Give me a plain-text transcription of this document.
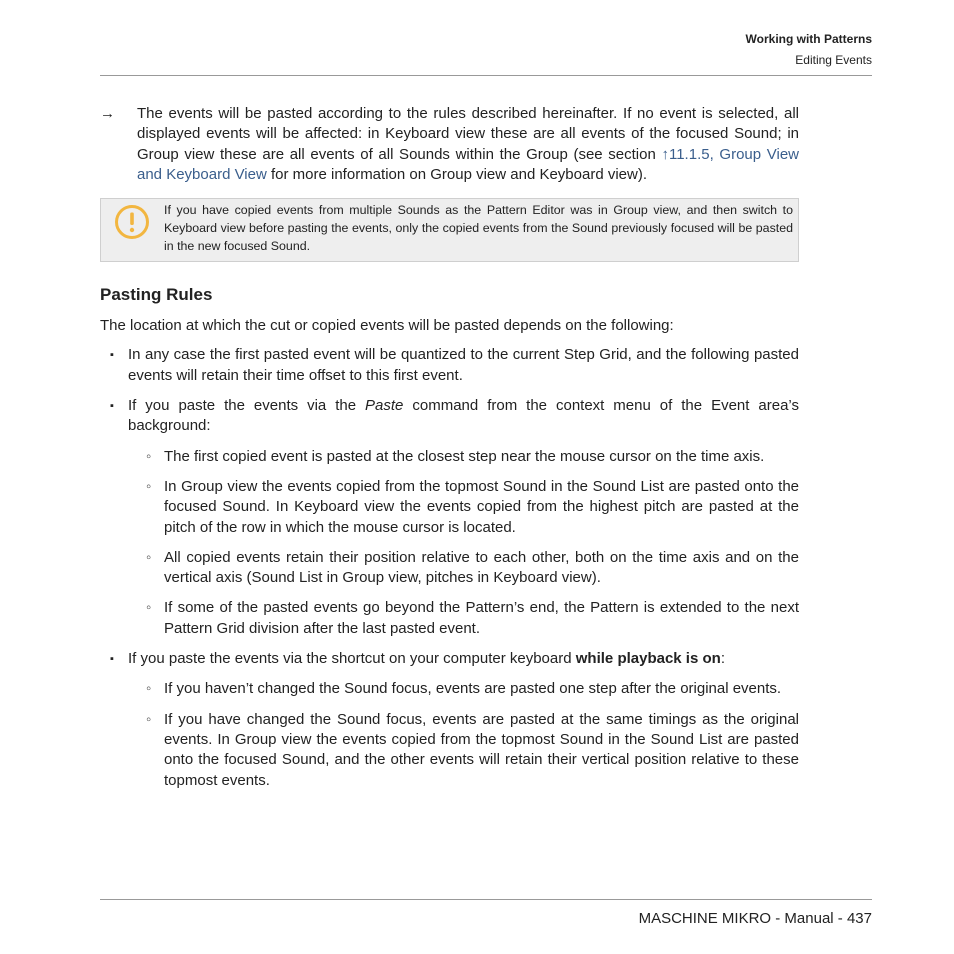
Working with Patterns
Editing Events
→ The events will be pasted according to the rules described hereinafter. If no event is selected, all displayed events will be affected: in Keyboard view these are all events of the focused Sound; in Group view these are all events of all Sounds within the Group (see section ↑11.1.5, Group View and Keyboard View for more information on Group view and Keyboard view).
If you have copied events from multiple Sounds as the Pattern Editor was in Group view, and then switch to Keyboard view before pasting the events, only the copied events from the Sound previously focused will be pasted in the new focused Sound.
Pasting Rules

The location at which the cut or copied events will be pasted depends on the following:

▪ In any case the first pasted event will be quantized to the current Step Grid, and the following pasted events will retain their time offset to this first event.
▪ If you paste the events via the Paste command from the context menu of the Event area’s background:
◦ The first copied event is pasted at the closest step near the mouse cursor on the time axis.
◦ In Group view the events copied from the topmost Sound in the Sound List are pasted onto the focused Sound. In Keyboard view the events copied from the highest pitch are pasted at the pitch of the row in which the mouse cursor is located.
◦ All copied events retain their position relative to each other, both on the time axis and on the vertical axis (Sound List in Group view, pitches in Keyboard view).
◦ If some of the pasted events go beyond the Pattern’s end, the Pattern is extended to the next Pattern Grid division after the last pasted event.
▪ If you paste the events via the shortcut on your computer keyboard while playback is on:
◦ If you haven’t changed the Sound focus, events are pasted one step after the original events.
◦ If you have changed the Sound focus, events are pasted at the same timings as the original events. In Group view the events copied from the topmost Sound in the Sound List are pasted onto the focused Sound, and the other events will retain their vertical position relative to these topmost events.
MASCHINE MIKRO - Manual - 437
